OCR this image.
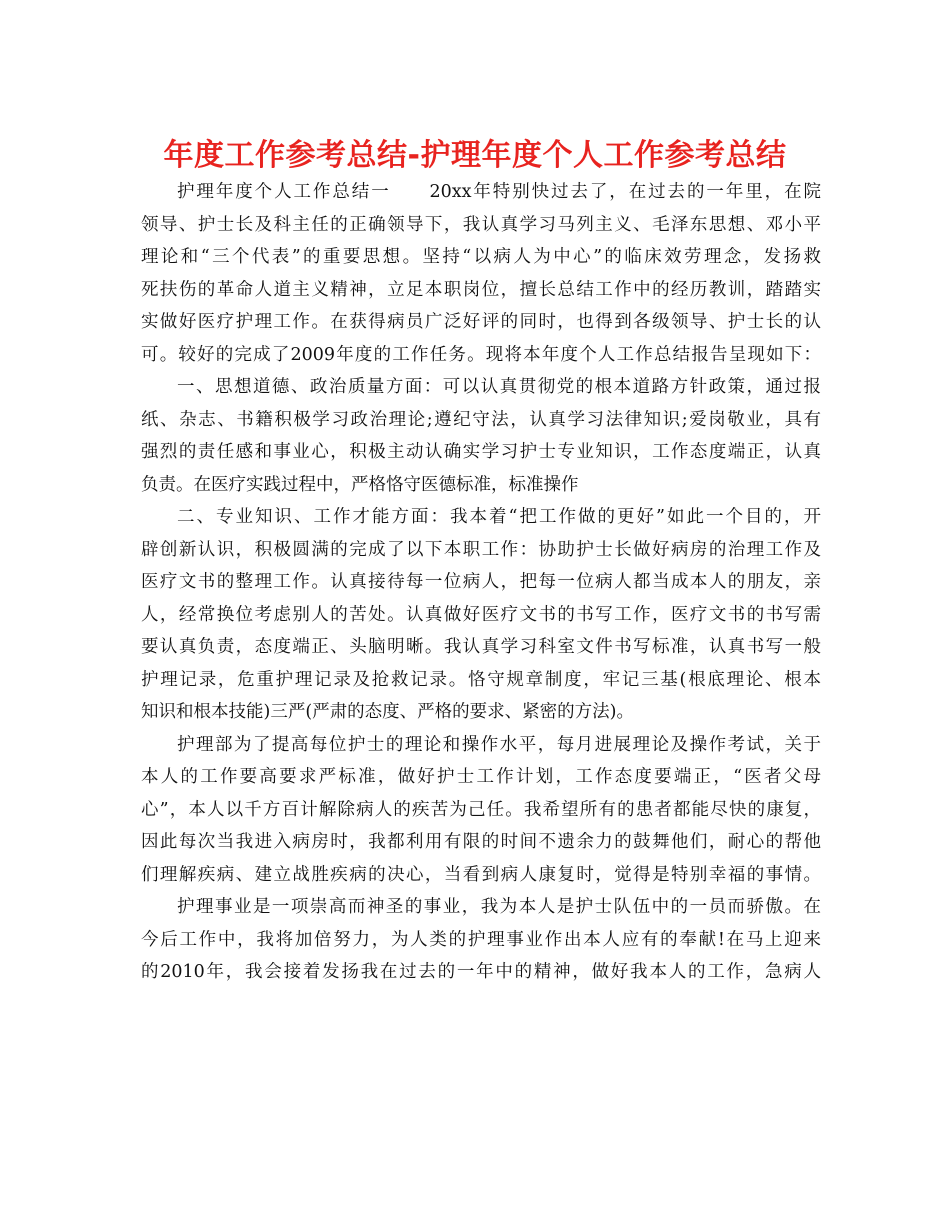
年度工作参考总结-护理年度个人工作参考总结
护理年度个人工作总结一　　20xx年特别快过去了，在过去的一年里，在院
领导、护士长及科主任的正确领导下，我认真学习马列主义、毛泽东思想、邓小平
理论和“三个代表”的重要思想。坚持“以病人为中心”的临床效劳理念，发扬救
死扶伤的革命人道主义精神，立足本职岗位，擅长总结工作中的经历教训，踏踏实
实做好医疗护理工作。在获得病员广泛好评的同时，也得到各级领导、护士长的认
可。较好的完成了2009年度的工作任务。现将本年度个人工作总结报告呈现如下：
一、思想道德、政治质量方面：可以认真贯彻党的根本道路方针政策，通过报
纸、杂志、书籍积极学习政治理论;遵纪守法，认真学习法律知识;爱岗敬业，具有
强烈的责任感和事业心，积极主动认确实学习护士专业知识，工作态度端正，认真
负责。在医疗实践过程中，严格恪守医德标准，标准操作
二、专业知识、工作才能方面：我本着“把工作做的更好”如此一个目的，开
辟创新认识，积极圆满的完成了以下本职工作：协助护士长做好病房的治理工作及
医疗文书的整理工作。认真接待每一位病人，把每一位病人都当成本人的朋友，亲
人，经常换位考虑别人的苦处。认真做好医疗文书的书写工作，医疗文书的书写需
要认真负责，态度端正、头脑明晰。我认真学习科室文件书写标准，认真书写一般
护理记录，危重护理记录及抢救记录。恪守规章制度，牢记三基(根底理论、根本
知识和根本技能)三严(严肃的态度、严格的要求、紧密的方法)。
护理部为了提高每位护士的理论和操作水平，每月进展理论及操作考试，关于
本人的工作要高要求严标准，做好护士工作计划，工作态度要端正，“医者父母
心”，本人以千方百计解除病人的疾苦为己任。我希望所有的患者都能尽快的康复，
因此每次当我进入病房时，我都利用有限的时间不遗余力的鼓舞他们，耐心的帮他
们理解疾病、建立战胜疾病的决心，当看到病人康复时，觉得是特别幸福的事情。
护理事业是一项崇高而神圣的事业，我为本人是护士队伍中的一员而骄傲。在
今后工作中，我将加倍努力，为人类的护理事业作出本人应有的奉献!在马上迎来
的2010年，我会接着发扬我在过去的一年中的精神，做好我本人的工作，急病人
